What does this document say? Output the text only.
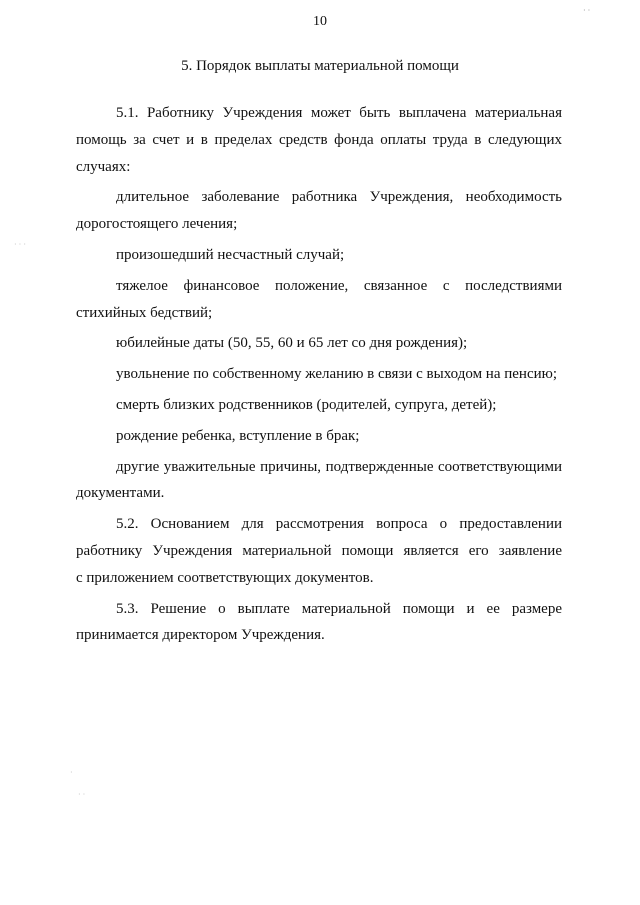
10
5. Порядок выплаты материальной помощи

5.1. Работнику Учреждения может быть выплачена материальная

помощь за счет и в пределах средств фонда оплаты труда в следующих

случаях:

длительное заболевание работника Учреждения, необходимость

дорогостоящего лечения;

произошедший несчастный случай;

тяжелое финансовое положение, связанное с последствиями

стихийных бедствий;

юбилейные даты (50, 55, 60 и 65 лет со дня рождения);

увольнение по собственному желанию в связи с выходом на пенсию;

смерть близких родственников (родителей, супруга, детей);

рождение ребенка, вступление в брак;

другие уважительные причины, подтвержденные соответствующими

документами.

5.2. Основанием для рассмотрения вопроса о предоставлении

работнику Учреждения материальной помощи является его заявление

с приложением соответствующих документов.

5.3. Решение о выплате материальной помощи и ее размере

принимается директором Учреждения.

· ·
· · ·
·
· ·
